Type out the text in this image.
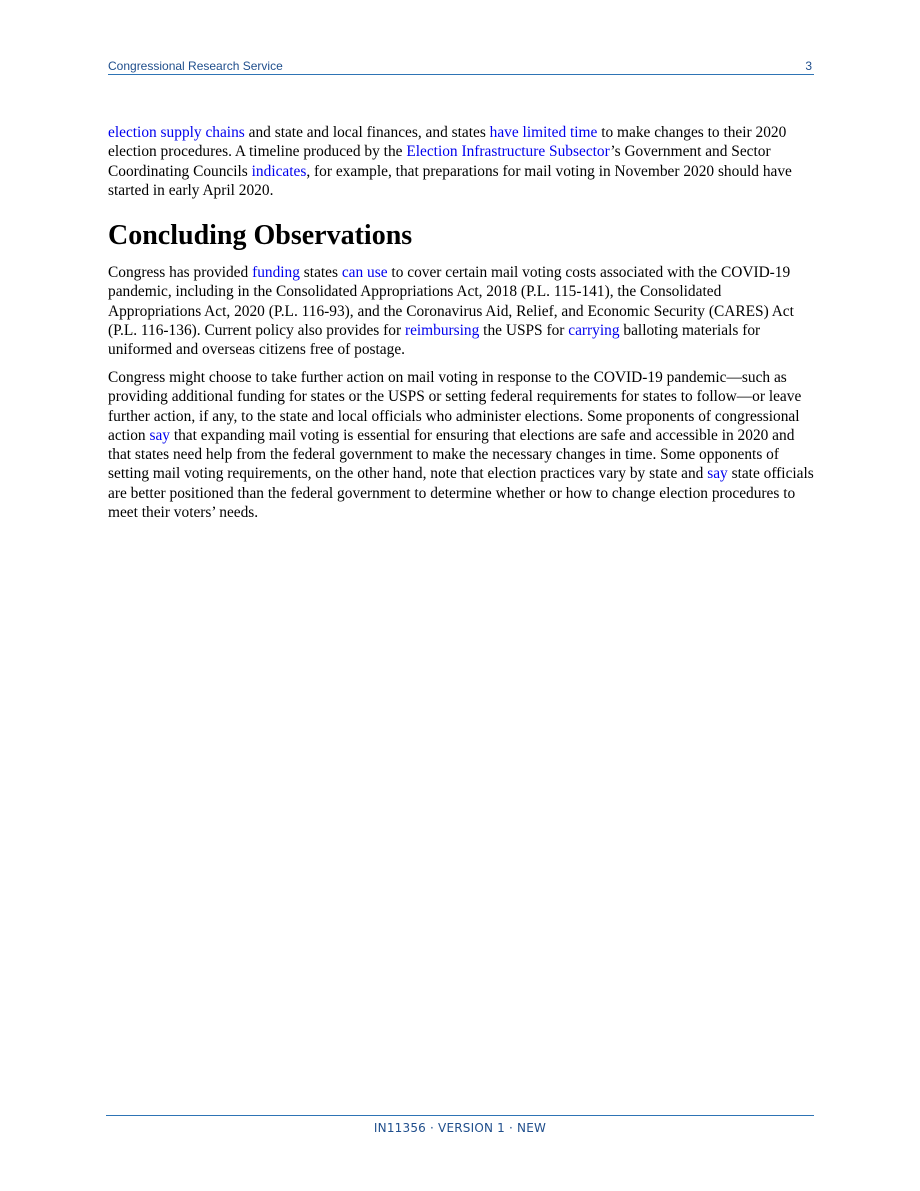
Congressional Research Service	3

election supply chains and state and local finances, and states have limited time to make changes to their 2020 election procedures. A timeline produced by the Election Infrastructure Subsector’s Government and Sector Coordinating Councils indicates, for example, that preparations for mail voting in November 2020 should have started in early April 2020.

Concluding Observations

Congress has provided funding states can use to cover certain mail voting costs associated with the COVID-19 pandemic, including in the Consolidated Appropriations Act, 2018 (P.L. 115-141), the Consolidated Appropriations Act, 2020 (P.L. 116-93), and the Coronavirus Aid, Relief, and Economic Security (CARES) Act (P.L. 116-136). Current policy also provides for reimbursing the USPS for carrying balloting materials for uniformed and overseas citizens free of postage.

Congress might choose to take further action on mail voting in response to the COVID-19 pandemic—such as providing additional funding for states or the USPS or setting federal requirements for states to follow—or leave further action, if any, to the state and local officials who administer elections. Some proponents of congressional action say that expanding mail voting is essential for ensuring that elections are safe and accessible in 2020 and that states need help from the federal government to make the necessary changes in time. Some opponents of setting mail voting requirements, on the other hand, note that election practices vary by state and say state officials are better positioned than the federal government to determine whether or how to change election procedures to meet their voters’ needs.

IN11356 · VERSION 1 · NEW
